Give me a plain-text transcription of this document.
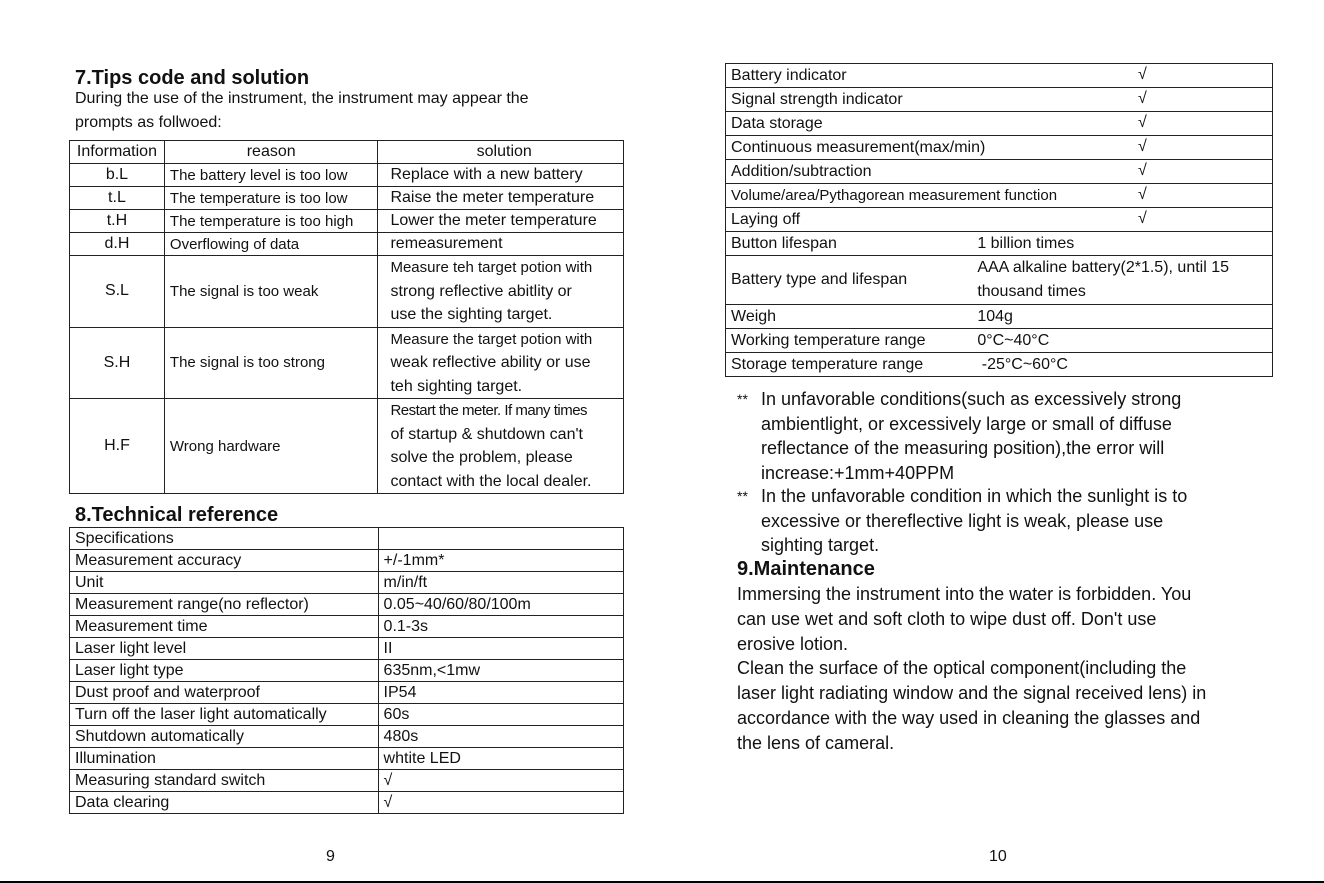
7.Tips code and solution
During the use of the instrument, the instrument may appear the
prompts as follwoed:
Information	reason	solution
b.L	The battery level is too low	Replace with a new battery
t.L	The temperature is too low	Raise the meter temperature
t.H	The temperature is too high	Lower the meter temperature
d.H	Overflowing of data	remeasurement
S.L	The signal is too weak	Measure teh target potion with
strong reflective abitlity or
use the sighting target.

S.H	The signal is too strong	Measure the target potion with
weak reflective ability or use
teh sighting target.

H.F	Wrong hardware	Restart the meter. If many times
of startup & shutdown can't
solve the problem, please
contact with the local dealer.
8.Technical reference
Specifications	
Measurement accuracy	+/-1mm*
Unit	m/in/ft
Measurement range(no reflector)	0.05~40/60/80/100m
Measurement time	0.1-3s
Laser light level	II
Laser light type	635nm,<1mw
Dust proof and waterproof	IP54
Turn off the laser light automatically	60s
Shutdown automatically	480s
Illumination	whtite LED
Measuring standard switch	√
Data clearing	√
9
Battery indicator √	

Signal strength indicator √	

Data storage √	

Continuous measurement(max/min) √	

Addition/subtraction √	

Volume/area/Pythagorean measurement function √	

Laying off √	

Button lifespan	1 billion times
Battery type and lifespan	AAA alkaline battery(2*1.5), until 15
thousand times

Weigh	104g
Working temperature range	0°C~40°C
Storage temperature range	-25°C~60°C
** In unfavorable conditions(such as excessively strong
ambientlight, or excessively large or small of diffuse
reflectance of the measuring position),the error will
increase:+1mm+40PPM
** In the unfavorable condition in which the sunlight is to
excessive or thereflective light is weak, please use
sighting target.
9.Maintenance
Immersing the instrument into the water is forbidden. You
can use wet and soft cloth to wipe dust off. Don't use
erosive lotion.
Clean the surface of the optical component(including the
laser light radiating window and the signal received lens) in
accordance with the way used in cleaning the glasses and
the lens of cameral.
10
